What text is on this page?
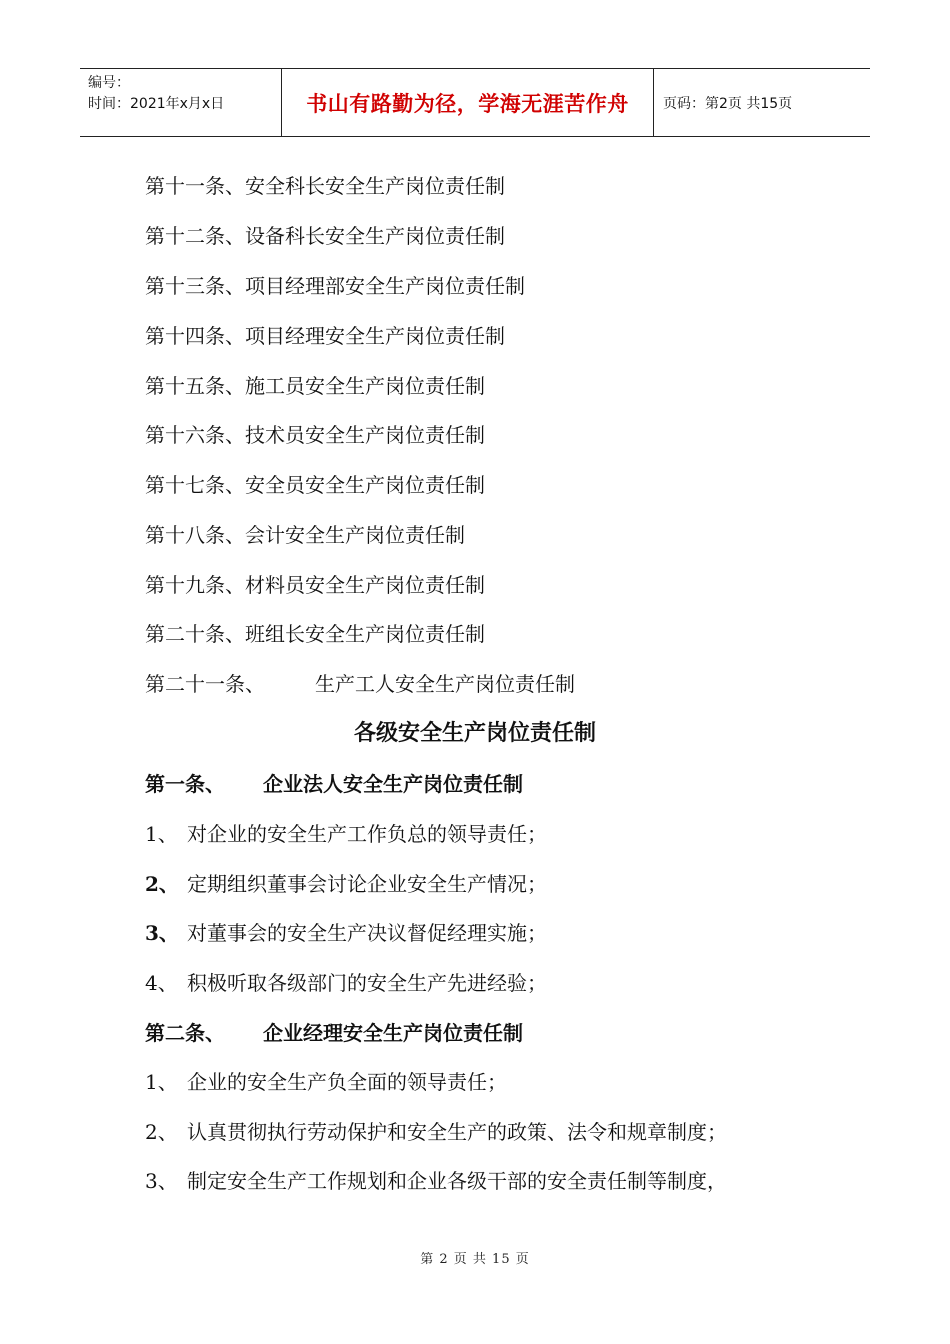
编号：
时间：2021年x月x日	书山有路勤为径，学海无涯苦作舟 页码：第2页 共15页
第十一条、安全科长安全生产岗位责任制
第十二条、设备科长安全生产岗位责任制
第十三条、项目经理部安全生产岗位责任制
第十四条、项目经理安全生产岗位责任制
第十五条、施工员安全生产岗位责任制
第十六条、技术员安全生产岗位责任制
第十七条、安全员安全生产岗位责任制
第十八条、会计安全生产岗位责任制
第十九条、材料员安全生产岗位责任制
第二十条、班组长安全生产岗位责任制
第二十一条、	生产工人安全生产岗位责任制
各级安全生产岗位责任制
第一条、 企业法人安全生产岗位责任制
1、 对企业的安全生产工作负总的领导责任；
2、 定期组织董事会讨论企业安全生产情况；
3、 对董事会的安全生产决议督促经理实施；
4、 积极听取各级部门的安全生产先进经验；
第二条、 企业经理安全生产岗位责任制
1、 企业的安全生产负全面的领导责任；
2、 认真贯彻执行劳动保护和安全生产的政策、法令和规章制度；
3、 制定安全生产工作规划和企业各级干部的安全责任制等制度，
第 2 页 共 15 页
